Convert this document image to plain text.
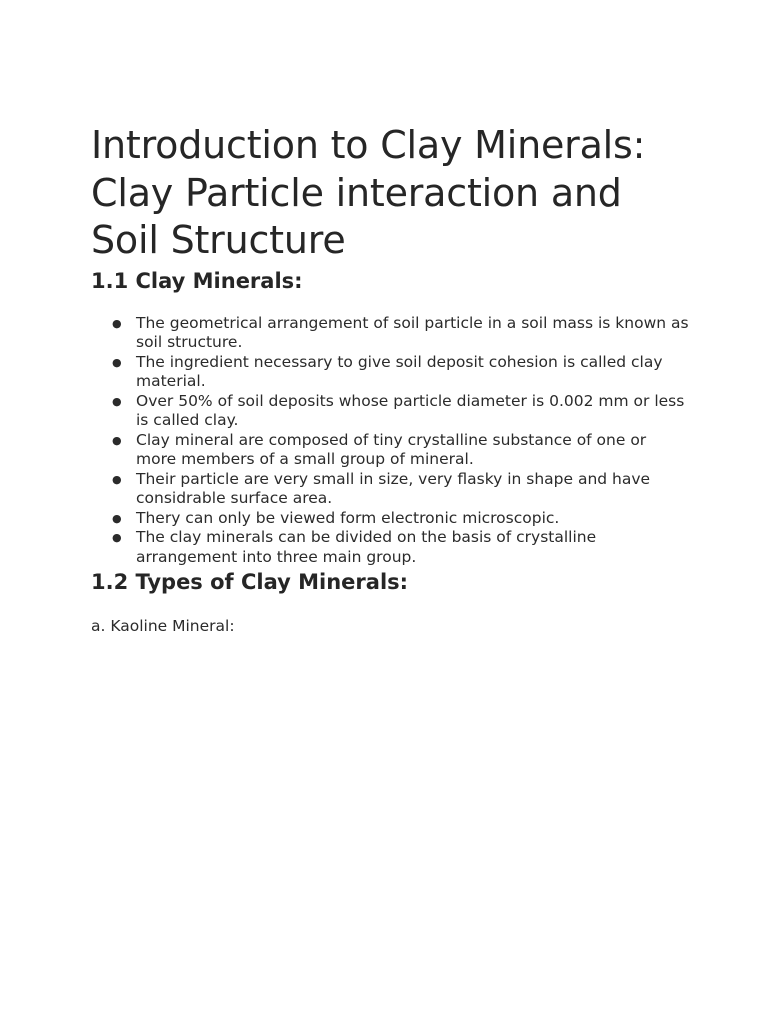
Introduction to Clay Minerals: Clay Particle interaction and Soil Structure
1.1 Clay Minerals:
● The geometrical arrangement of soil particle in a soil mass is known as soil structure.
● The ingredient necessary to give soil deposit cohesion is called clay material.
● Over 50% of soil deposits whose particle diameter is 0.002 mm or less is called clay.
● Clay mineral are composed of tiny crystalline substance of one or more members of a small group of mineral.
● Their particle are very small in size, very flasky in shape and have considrable surface area.
● Thery can only be viewed form electronic microscopic.
● The clay minerals can be divided on the basis of crystalline arrangement into three main group.
1.2 Types of Clay Minerals:

a. Kaoline Mineral:
